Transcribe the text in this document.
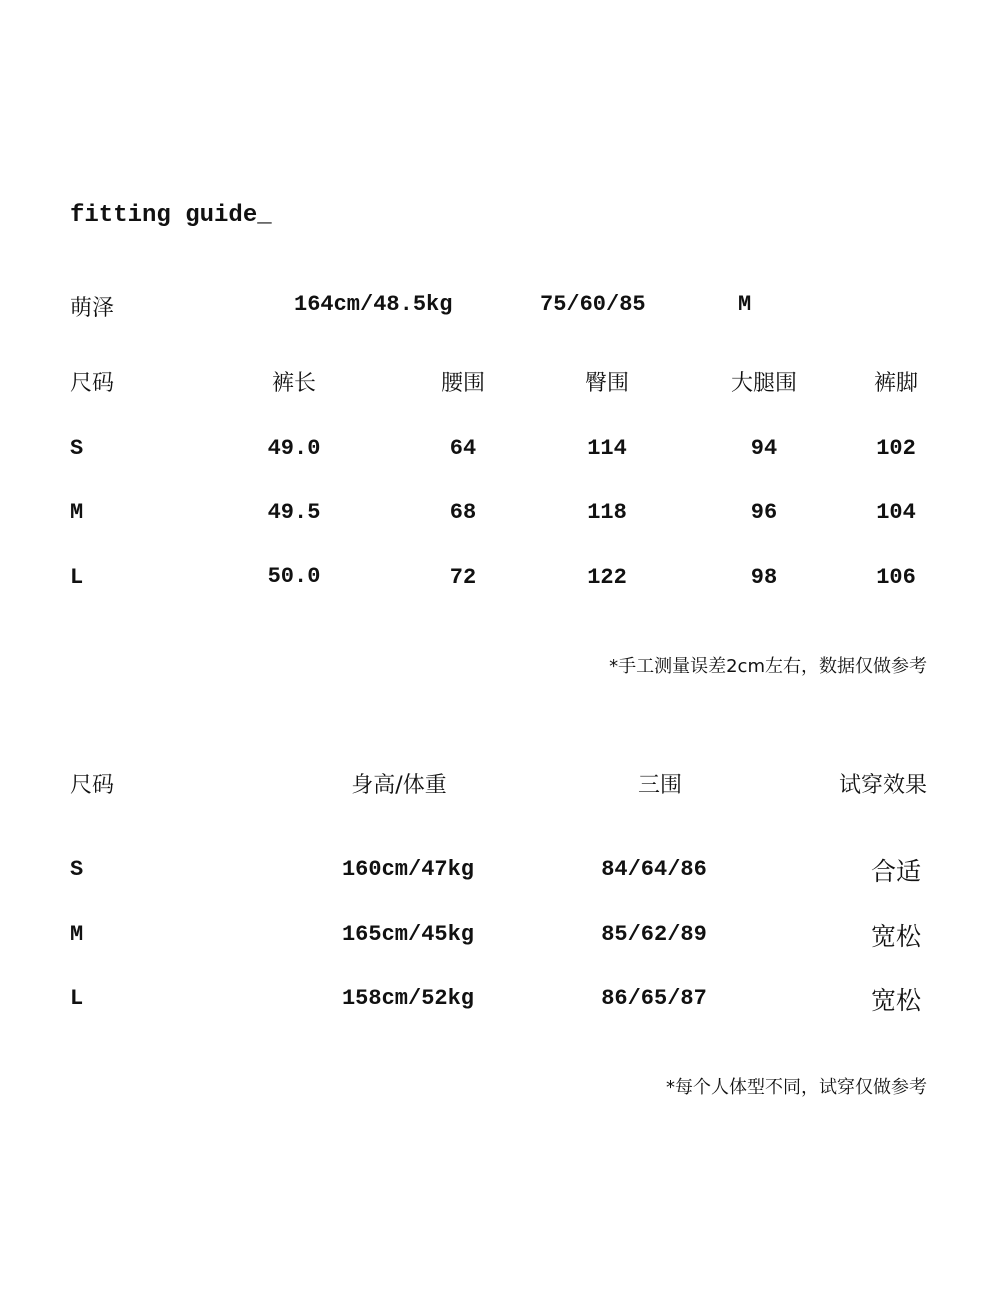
fitting guide_
萌泽	164cm/48.5kg	75/60/85	M
尺码	裤长	腰围	臀围	大腿围	裤脚
S	49.0	64	114	94	102
M	49.5	68	118	96	104
L	50.0	72	122	98	106
*手工测量误差2cm左右，数据仅做参考
尺码	身高/体重	三围	试穿效果
S	160cm/47kg	84/64/86	合适
M	165cm/45kg	85/62/89	宽松
L	158cm/52kg	86/65/87	宽松
*每个人体型不同，试穿仅做参考
